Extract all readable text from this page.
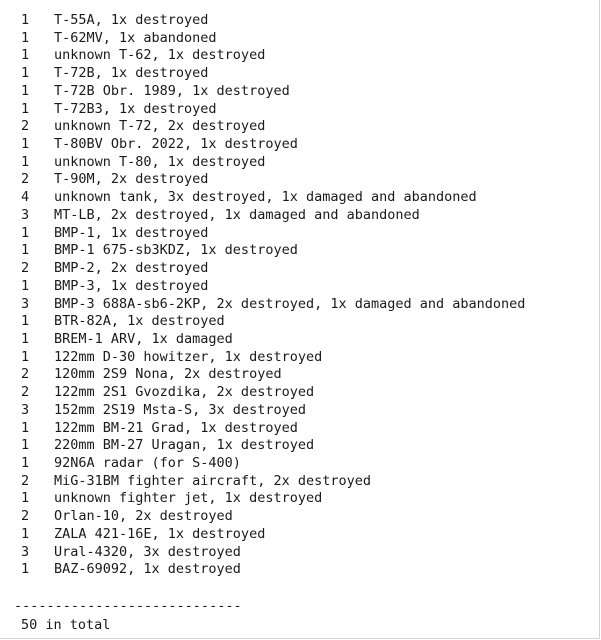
1 T-55A, 1x destroyed
1 T-62MV, 1x abandoned
1 unknown T-62, 1x destroyed
1 T-72B, 1x destroyed
1 T-72B Obr. 1989, 1x destroyed
1 T-72B3, 1x destroyed
2 unknown T-72, 2x destroyed
1 T-80BV Obr. 2022, 1x destroyed
1 unknown T-80, 1x destroyed
2 T-90M, 2x destroyed
4 unknown tank, 3x destroyed, 1x damaged and abandoned
3 MT-LB, 2x destroyed, 1x damaged and abandoned
1 BMP-1, 1x destroyed
1 BMP-1 675-sb3KDZ, 1x destroyed
2 BMP-2, 2x destroyed
1 BMP-3, 1x destroyed
3 BMP-3 688A-sb6-2KP, 2x destroyed, 1x damaged and abandoned
1 BTR-82A, 1x destroyed
1 BREM-1 ARV, 1x damaged
1 122mm D-30 howitzer, 1x destroyed
2 120mm 2S9 Nona, 2x destroyed
2 122mm 2S1 Gvozdika, 2x destroyed
3 152mm 2S19 Msta-S, 3x destroyed
1 122mm BM-21 Grad, 1x destroyed
1 220mm BM-27 Uragan, 1x destroyed
1 92N6A radar (for S-400)
2 MiG-31BM fighter aircraft, 2x destroyed
1 unknown fighter jet, 1x destroyed
2 Orlan-10, 2x destroyed
1 ZALA 421-16E, 1x destroyed
3 Ural-4320, 3x destroyed
1 BAZ-69092, 1x destroyed
----------------------------
50 in total
